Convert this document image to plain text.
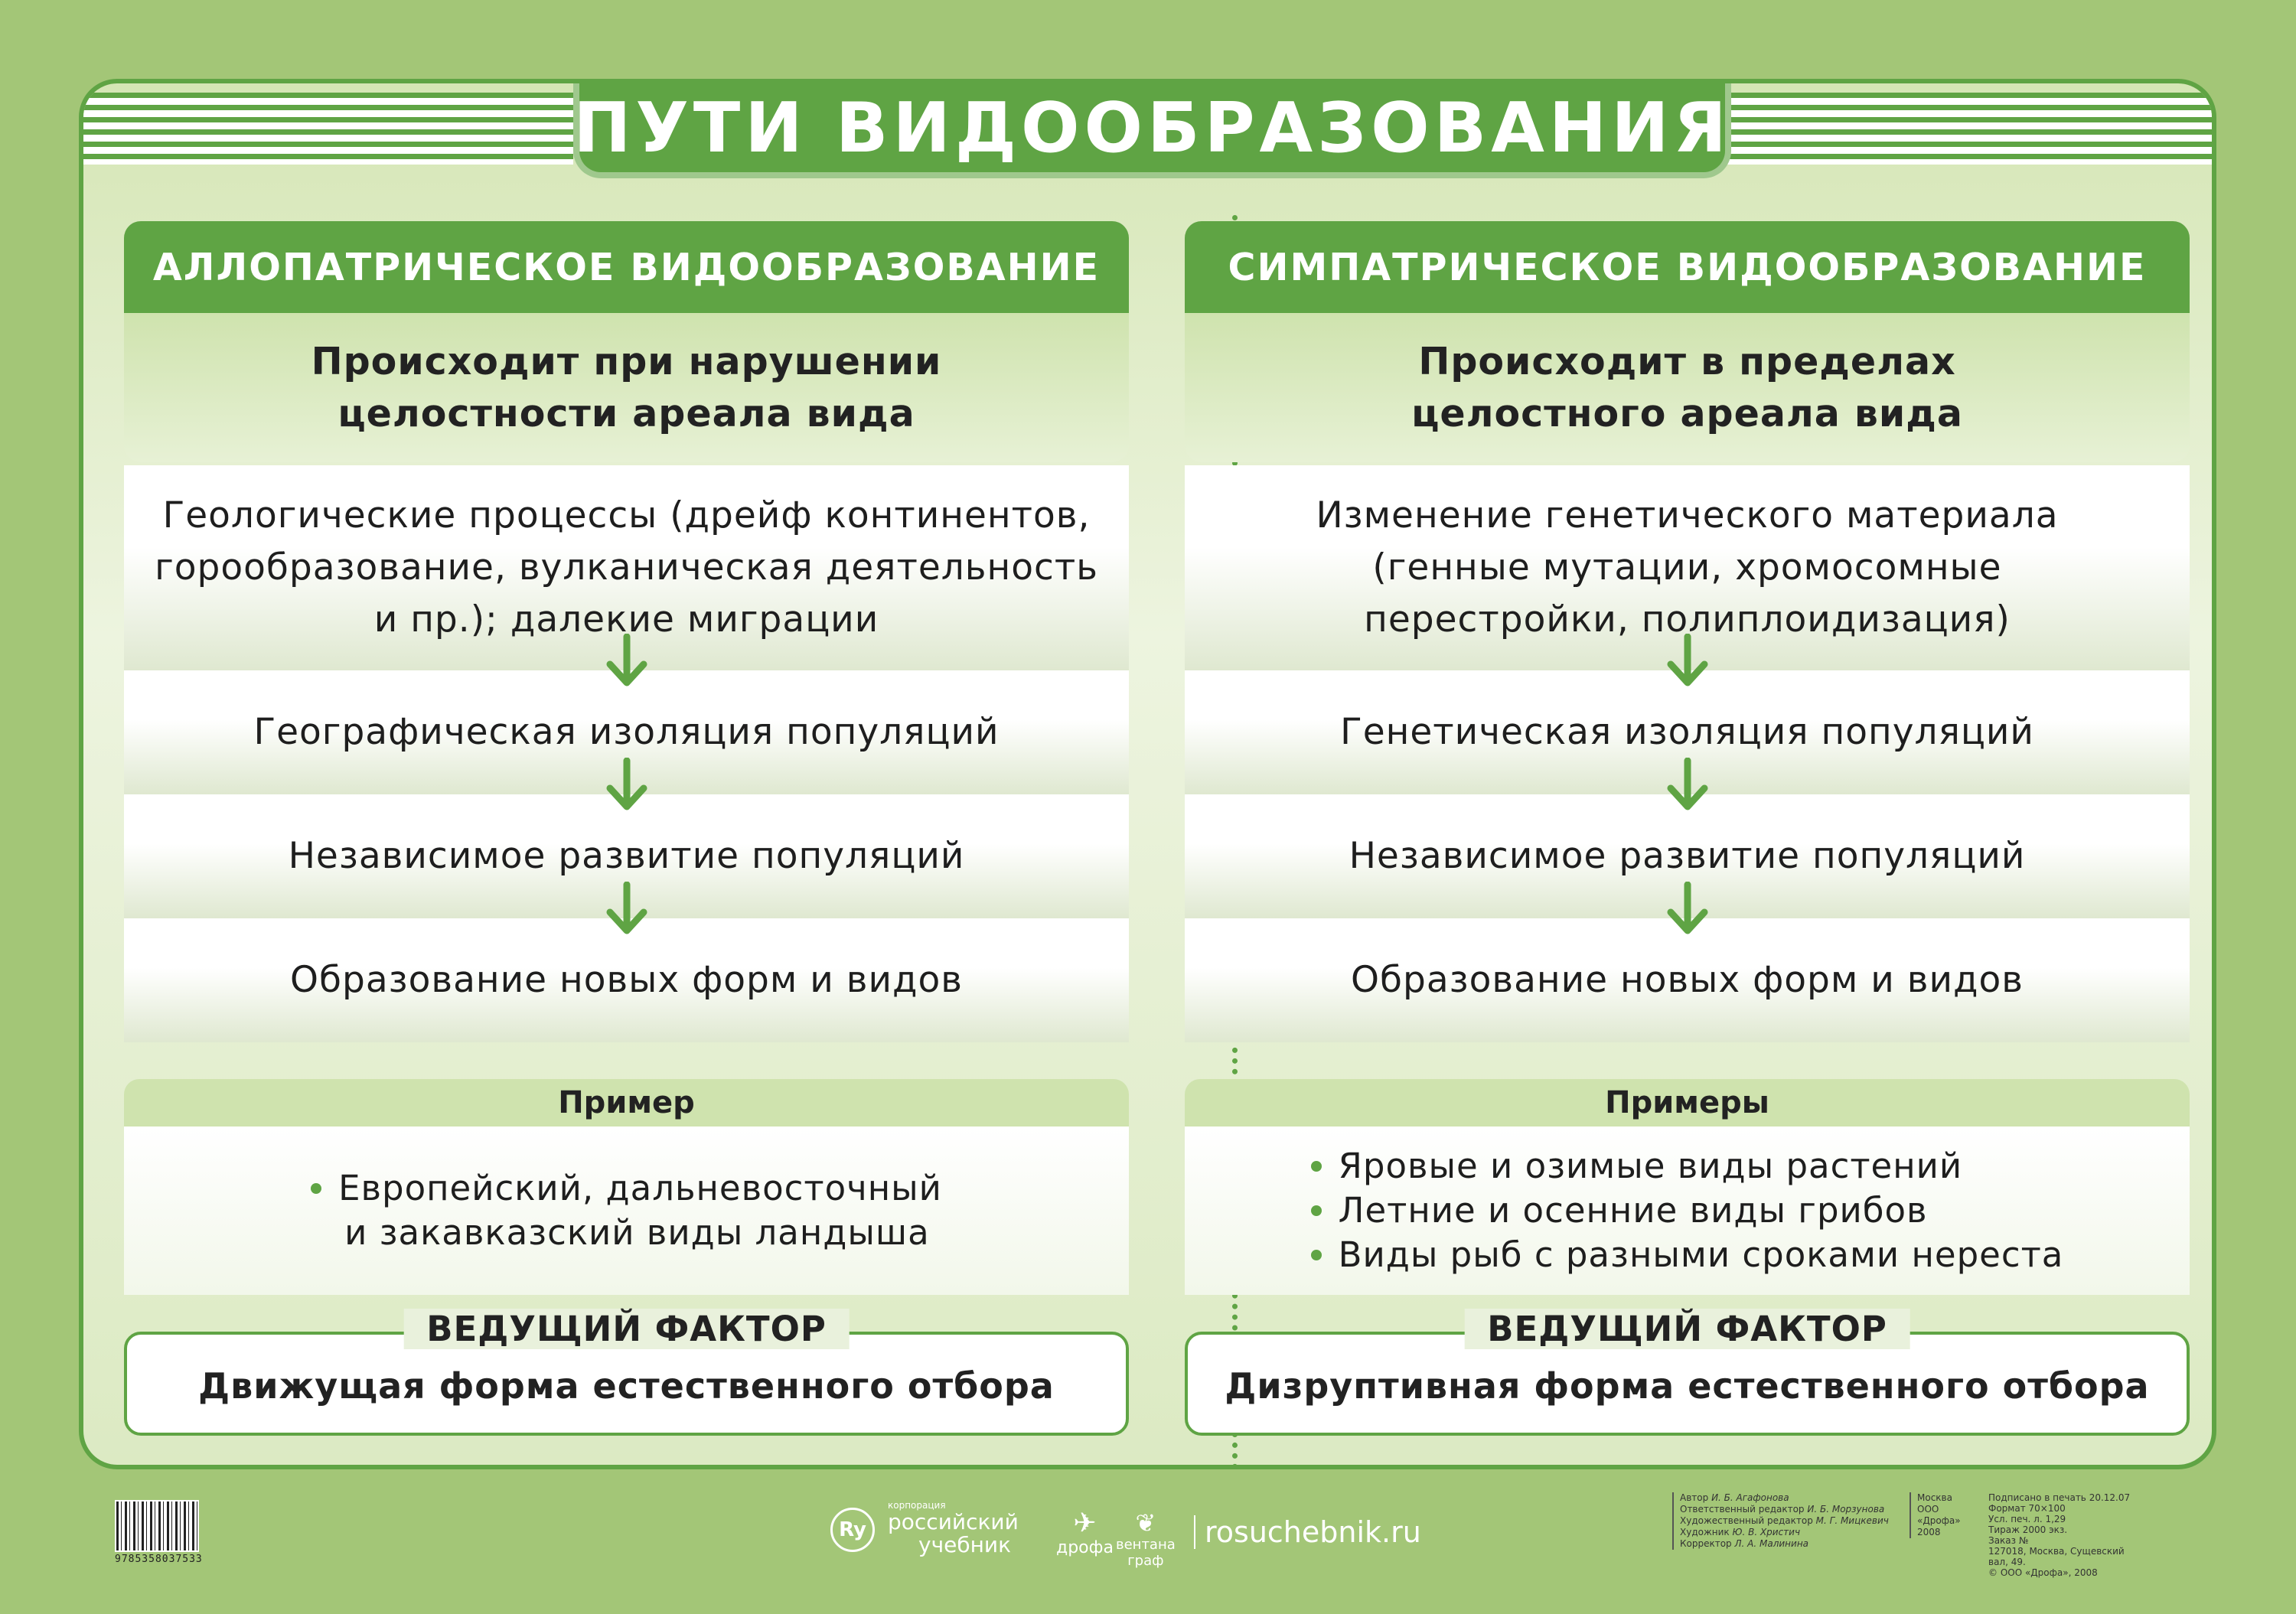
ПУТИ ВИДООБРАЗОВАНИЯ
АЛЛОПАТРИЧЕСКОЕ ВИДООБРАЗОВАНИЕ
Происходит при нарушении
целостности ареала вида
Геологические процессы (дрейф континентов,
горообразование, вулканическая деятельность
и пр.); далекие миграции
Географическая изоляция популяций
Независимое развитие популяций
Образование новых форм и видов
Пример
Европейский, дальневосточный
и закавказский виды ландыша
ВЕДУЩИЙ ФАКТОР
Движущая форма естественного отбора
СИМПАТРИЧЕСКОЕ ВИДООБРАЗОВАНИЕ
Происходит в пределах
целостного ареала вида
Изменение генетического материала
(генные мутации, хромосомные
перестройки, полиплоидизация)
Генетическая изоляция популяций
Независимое развитие популяций
Образование новых форм и видов
Примеры
Яровые и озимые виды растений
Летние и осенние виды грибов
Виды рыб с разными сроками нереста
ВЕДУЩИЙ ФАКТОР
Дизруптивная форма естественного отбора
9785358037533
Ry
корпорация
российский
учебник
✈
дрофа
❦
вентана
граф
rosuchebnik.ru
Автор И. Б. Агафонова
Ответственный редактор И. Б. Морзунова
Художественный редактор М. Г. Мицкевич
Художник Ю. В. Христич
Корректор Л. А. Малинина
Москва
ООО «Дрофа»
2008
Подписано в печать 20.12.07
Формат 70×100
Усл. печ. л. 1,29
Тираж 2000 экз.
Заказ №
127018, Москва, Сущевский вал, 49.
© ООО «Дрофа», 2008
